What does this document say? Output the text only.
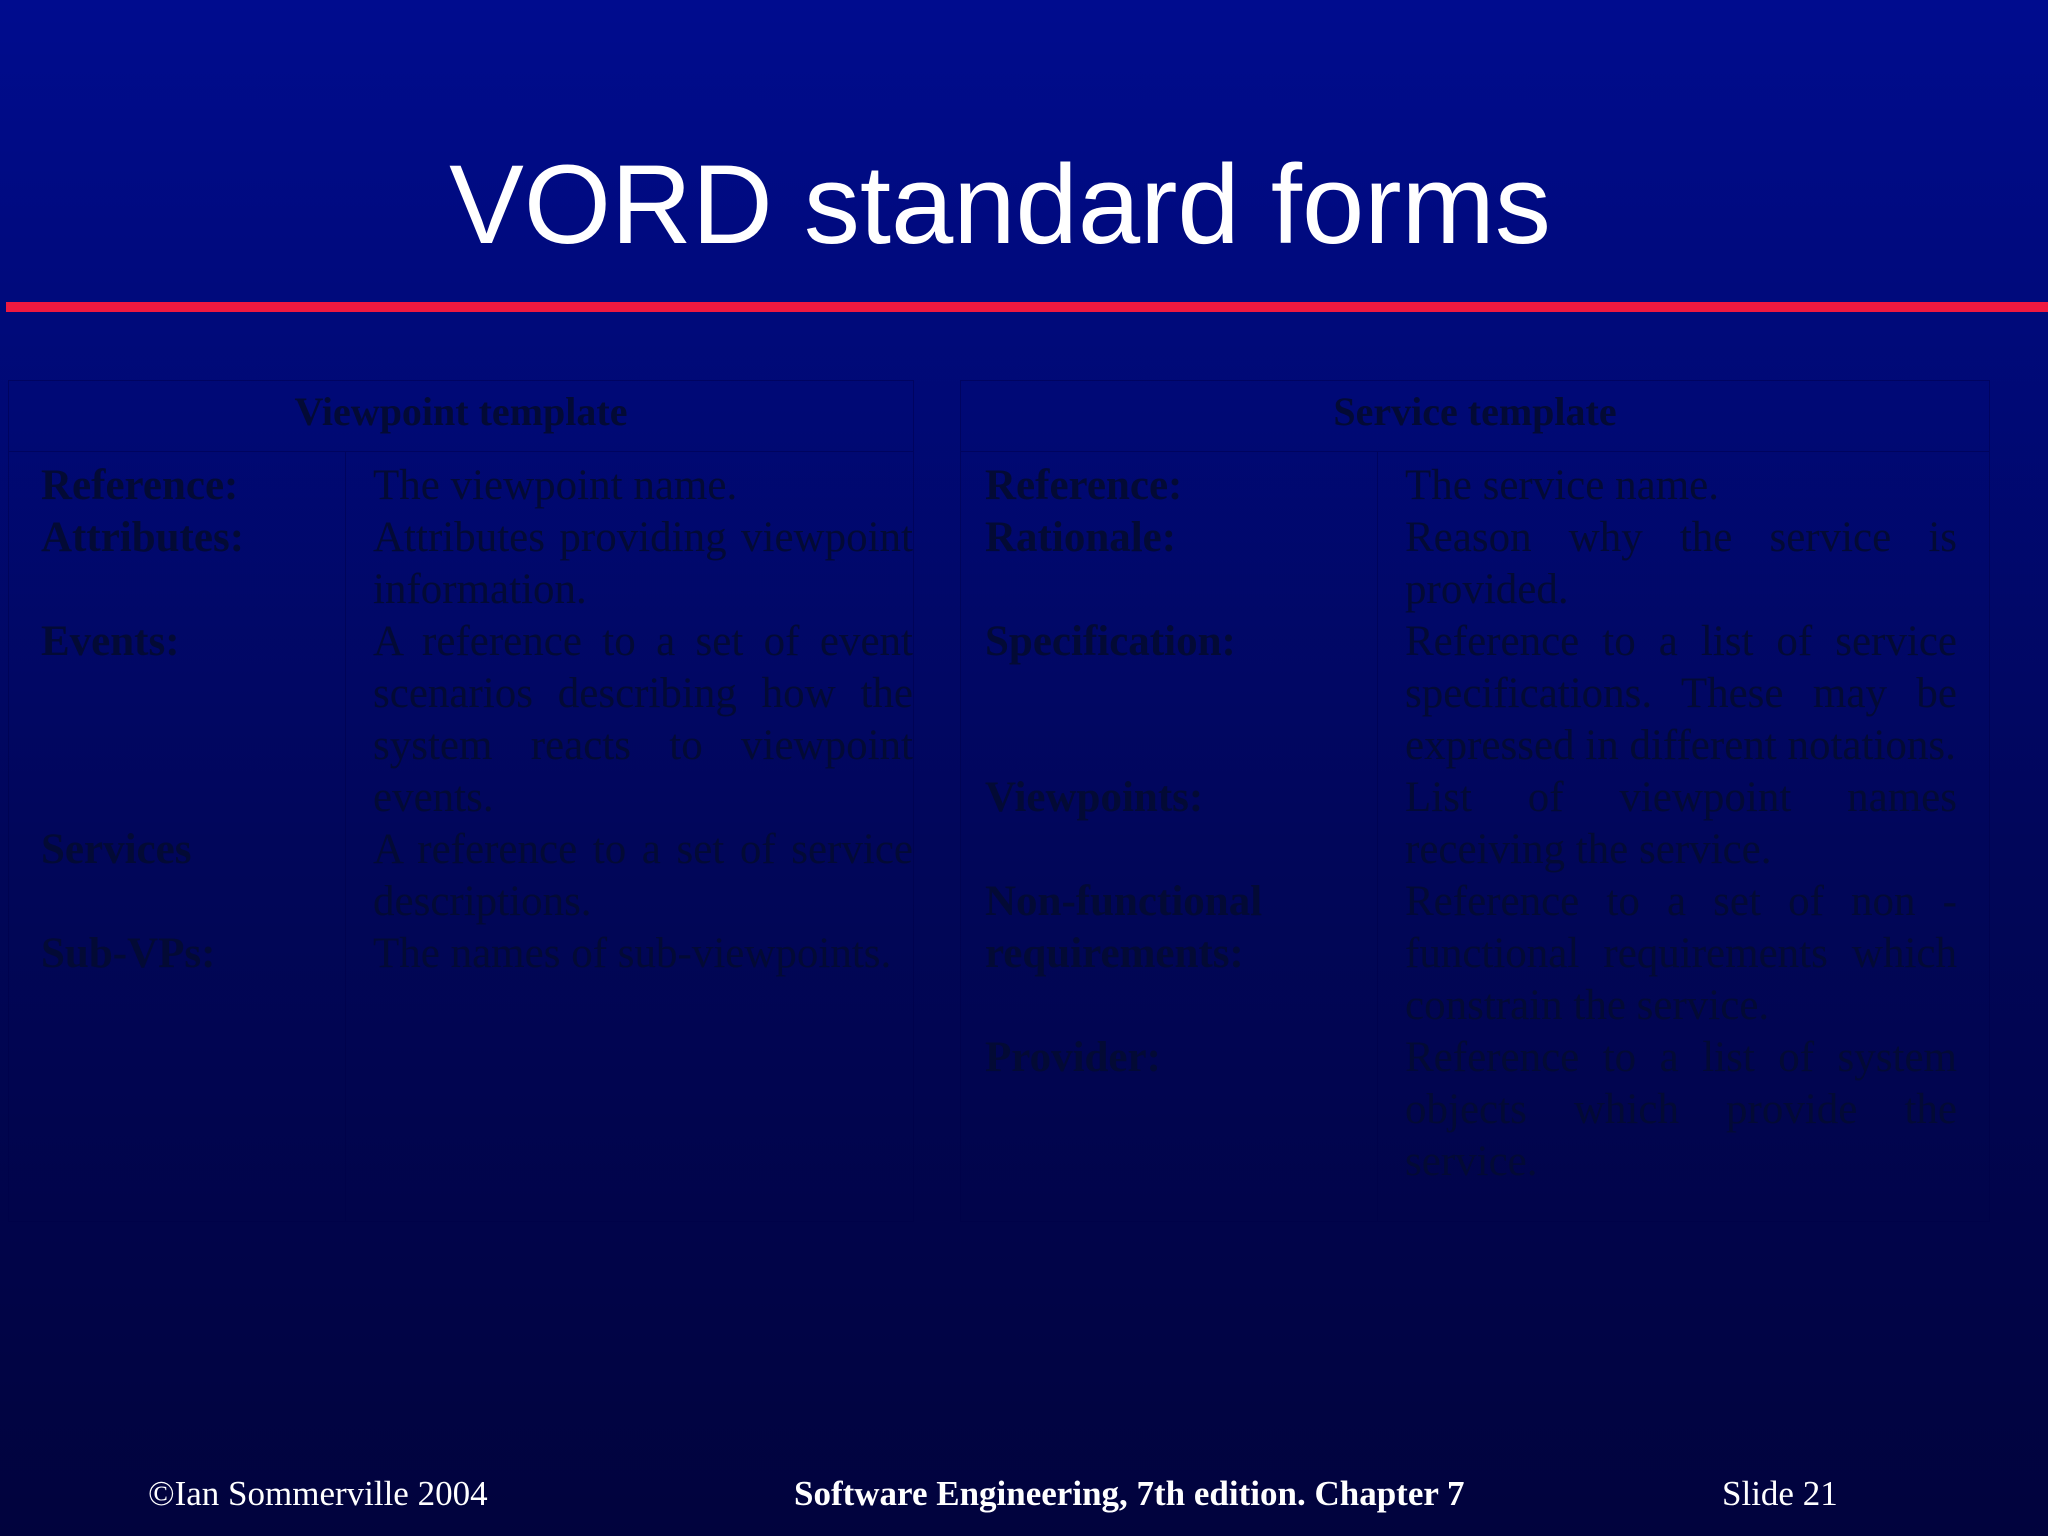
VORD standard forms
Viewpoint template
Reference:	The viewpoint name.
Attributes:	Attributes providing viewpoint information.
Events:	A reference to a set of event scenarios describing how the system reacts to viewpoint events.
Services	A reference to a set of service descriptions.
Sub-VPs:	The names of sub-viewpoints.
Service template
Reference:	The service name.
Rationale:	Reason why the service is provided.
Specification:	Reference to a list of service specifications. These may be expressed in different notations.
Viewpoints:	List of viewpoint names receiving the service.
Non-functional requirements:
Reference to a set of non - functional requirements which constrain the service.
Provider:	Reference to a list of system objects which provide the service.
©Ian Sommerville 2004	Software Engineering, 7th edition. Chapter 7	Slide 21
